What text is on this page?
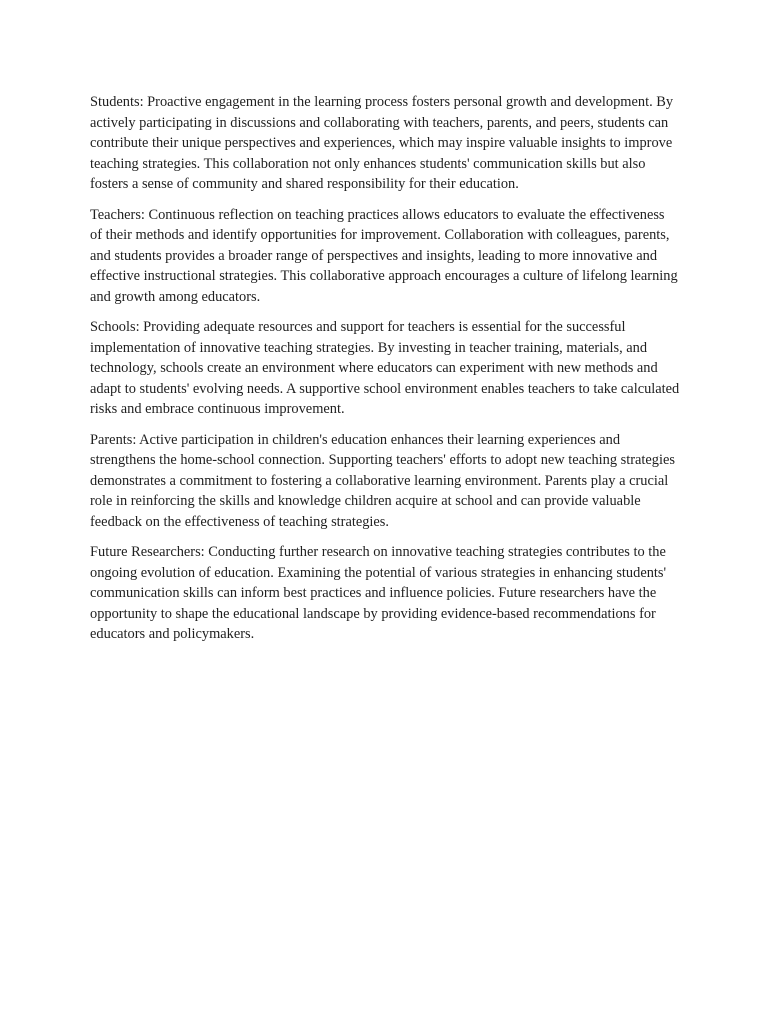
Students: Proactive engagement in the learning process fosters personal growth and development. By actively participating in discussions and collaborating with teachers, parents, and peers, students can contribute their unique perspectives and experiences, which may inspire valuable insights to improve teaching strategies. This collaboration not only enhances students' communication skills but also fosters a sense of community and shared responsibility for their education.

Teachers: Continuous reflection on teaching practices allows educators to evaluate the effectiveness of their methods and identify opportunities for improvement. Collaboration with colleagues, parents, and students provides a broader range of perspectives and insights, leading to more innovative and effective instructional strategies. This collaborative approach encourages a culture of lifelong learning and growth among educators.

Schools: Providing adequate resources and support for teachers is essential for the successful implementation of innovative teaching strategies. By investing in teacher training, materials, and technology, schools create an environment where educators can experiment with new methods and adapt to students' evolving needs. A supportive school environment enables teachers to take calculated risks and embrace continuous improvement.

Parents: Active participation in children's education enhances their learning experiences and strengthens the home-school connection. Supporting teachers' efforts to adopt new teaching strategies demonstrates a commitment to fostering a collaborative learning environment. Parents play a crucial role in reinforcing the skills and knowledge children acquire at school and can provide valuable feedback on the effectiveness of teaching strategies.

Future Researchers: Conducting further research on innovative teaching strategies contributes to the ongoing evolution of education. Examining the potential of various strategies in enhancing students' communication skills can inform best practices and influence policies. Future researchers have the opportunity to shape the educational landscape by providing evidence-based recommendations for educators and policymakers.
